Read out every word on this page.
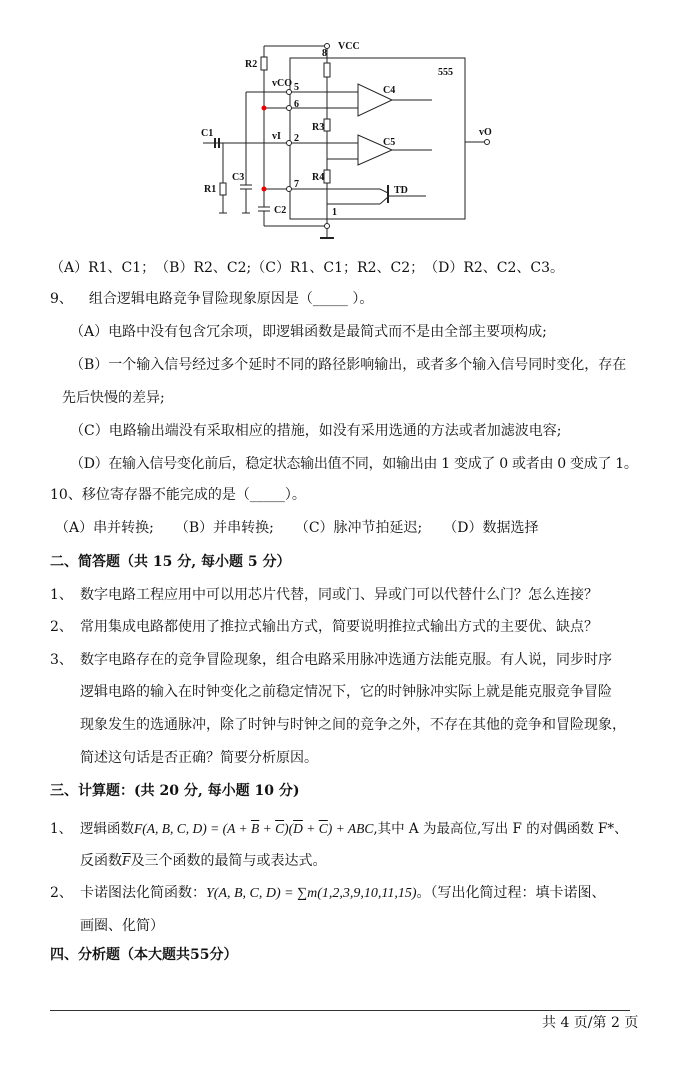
VCC
8
555
R2
vCO 5
6
vI 2
7
1
C4
C5
R3
R4
TD
C1
R1
C3
C2
vO
（A）R1、C1；　（B）R2、C2;（C）R1、C1；R2、C2；　（D）R2、C2、C3。
9、 组合逻辑电路竞争冒险现象原因是（_____ ）。
（A）电路中没有包含冗余项，即逻辑函数是最简式而不是由全部主要项构成;
（B）一个输入信号经过多个延时不同的路径影响输出，或者多个输入信号同时变化，存在
先后快慢的差异;
（C）电路输出端没有采取相应的措施，如没有采用选通的方法或者加滤波电容;
（D）在输入信号变化前后，稳定状态输出值不同，如输出由 1 变成了 0 或者由 0 变成了 1。
10、移位寄存器不能完成的是（_____）。
（A）串并转换;　　（B）并串转换;　　（C）脉冲节拍延迟;　　（D）数据选择
二、简答题（共 15 分, 每小题 5 分）
1、 数字电路工程应用中可以用芯片代替，同或门、异或门可以代替什么门？怎么连接？
2、 常用集成电路都使用了推拉式输出方式，简要说明推拉式输出方式的主要优、缺点？
3、 数字电路存在的竞争冒险现象，组合电路采用脉冲选通方法能克服。有人说，同步时序
逻辑电路的输入在时钟变化之前稳定情况下，它的时钟脉冲实际上就是能克服竞争冒险
现象发生的选通脉冲，除了时钟与时钟之间的竞争之外，不存在其他的竞争和冒险现象，
简述这句话是否正确？简要分析原因。
三、计算题：(共 20 分, 每小题 10 分)
1、 逻辑函数F(A, B, C, $D) = (A + \overline{B} + \overline{C})(\overline{D} + \overline{C})$ + ABC,其中 A 为最高位,写出 F 的对偶函数 F*、
反函数$\overline{F}$及三个函数的最简与或表达式。
2、 卡诺图法化简函数：Y(A, B, C, D) = ∑m(1,2,3,9,10,11,15)。（写出化简过程：填卡诺图、
画圈、化简）
四、分析题（本大题共55分）
共 4 页/第 2 页
